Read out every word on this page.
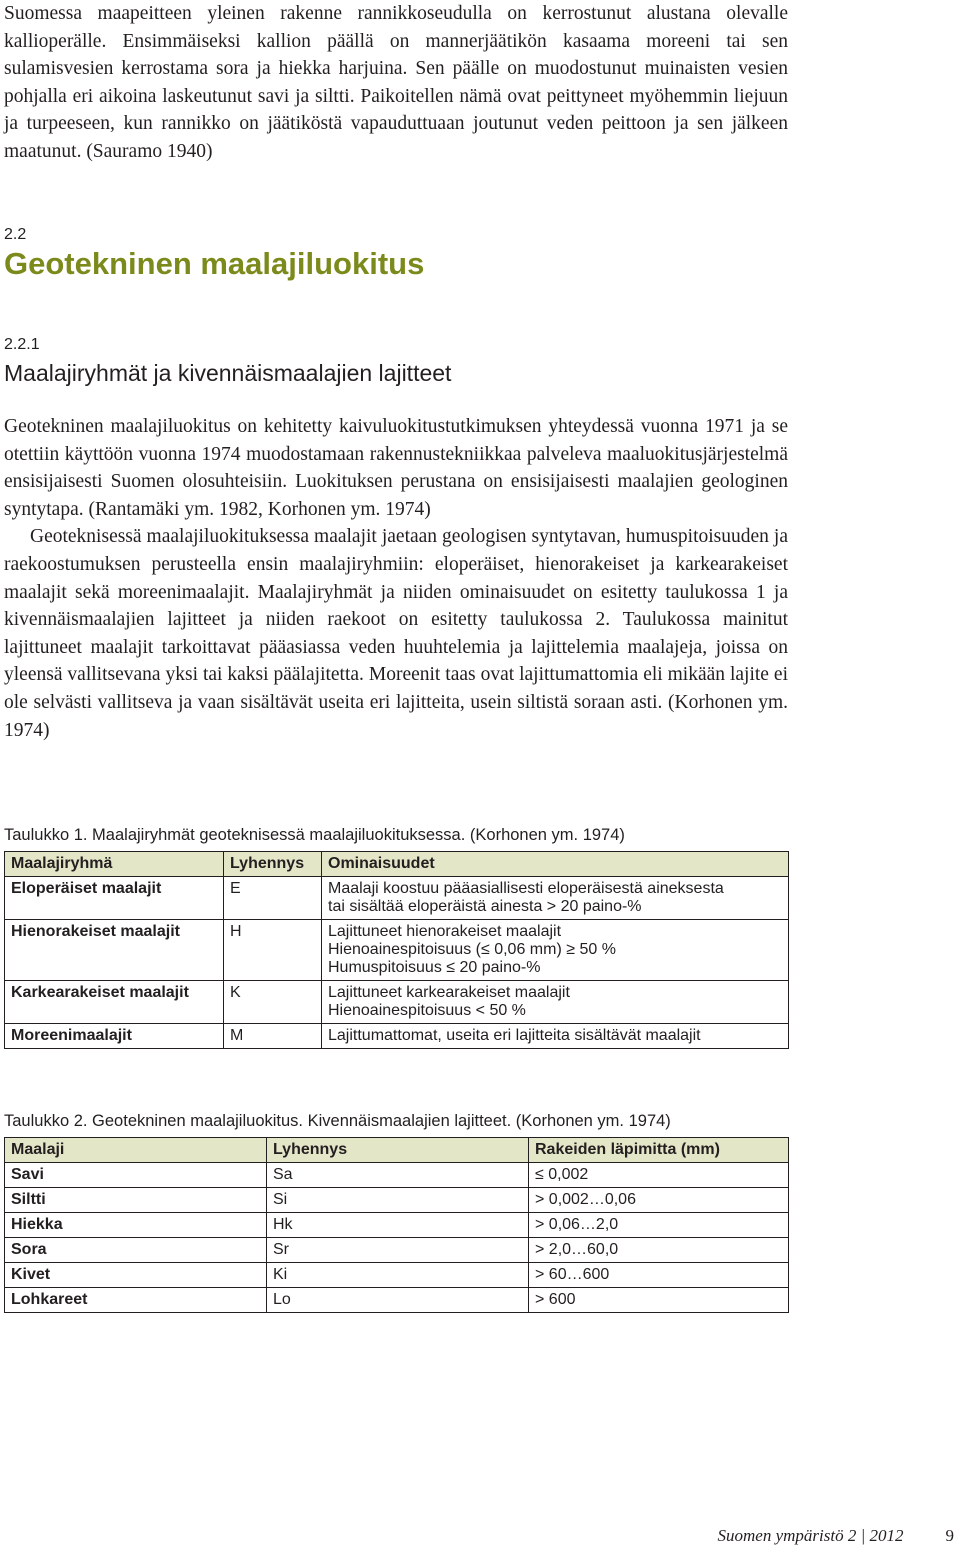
Suomessa maapeitteen yleinen rakenne rannikkoseudulla on kerrostunut alustana olevalle kallioperälle. Ensimmäiseksi kallion päällä on mannerjäätikön kasaama moreeni tai sen sulamisvesien kerrostama sora ja hiekka harjuina. Sen päälle on muodostunut muinaisten vesien pohjalla eri aikoina laskeutunut savi ja siltti. Paikoitellen nämä ovat peittyneet myöhemmin liejuun ja turpeeseen, kun rannikko on jäätiköstä vapauduttuaan joutunut veden peittoon ja sen jälkeen maatunut. (Sauramo 1940)

2.2
Geotekninen maalajiluokitus
2.2.1
Maalajiryhmät ja kivennäismaalajien lajitteet

Geotekninen maalajiluokitus on kehitetty kaivuluokitustutkimuksen yhteydessä vuonna 1971 ja se otettiin käyttöön vuonna 1974 muodostamaan rakennustekniikkaa palveleva maaluokitusjärjestelmä ensisijaisesti Suomen olosuhteisiin. Luokituksen perustana on ensisijaisesti maalajien geologinen syntytapa. (Rantamäki ym. 1982, Korhonen ym. 1974)

Geoteknisessä maalajiluokituksessa maalajit jaetaan geologisen syntytavan, humuspitoisuuden ja raekoostumuksen perusteella ensin maalajiryhmiin: eloperäiset, hienorakeiset ja karkearakeiset maalajit sekä moreenimaalajit. Maalajiryhmät ja niiden ominaisuudet on esitetty taulukossa 1 ja kivennäismaalajien lajitteet ja niiden raekoot on esitetty taulukossa 2. Taulukossa mainitut lajittuneet maalajit tarkoittavat pääasiassa veden huuhtelemia ja lajittelemia maalajeja, joissa on yleensä vallitsevana yksi tai kaksi päälajitetta. Moreenit taas ovat lajittumattomia eli mikään lajite ei ole selvästi vallitseva ja vaan sisältävät useita eri lajitteita, usein siltistä soraan asti. (Korhonen ym. 1974)

Taulukko 1. Maalajiryhmät geoteknisessä maalajiluokituksessa. (Korhonen ym. 1974)
Maalajiryhmä	Lyhennys	Ominaisuudet
Eloperäiset maalajit	E	Maalaji koostuu pääasiallisesti eloperäisestä aineksesta
tai sisältää eloperäistä ainesta > 20 paino-%

Hienorakeiset maalajit	H	Lajittuneet hienorakeiset maalajit
Hienoainespitoisuus (≤ 0,06 mm) ≥ 50 %
Humuspitoisuus ≤ 20 paino-%

Karkearakeiset maalajit	K	Lajittuneet karkearakeiset maalajit
Hienoainespitoisuus < 50 %

Moreenimaalajit	M	Lajittumattomat, useita eri lajitteita sisältävät maalajit
Taulukko 2. Geotekninen maalajiluokitus. Kivennäismaalajien lajitteet. (Korhonen ym. 1974)
Maalaji	Lyhennys	Rakeiden läpimitta (mm)
Savi	Sa	≤ 0,002
Siltti	Si	> 0,002…0,06
Hiekka	Hk	> 0,06…2,0
Sora	Sr	> 2,0…60,0
Kivet	Ki	> 60…600
Lohkareet	Lo	> 600
Suomen ympäristö 2 | 2012 9
